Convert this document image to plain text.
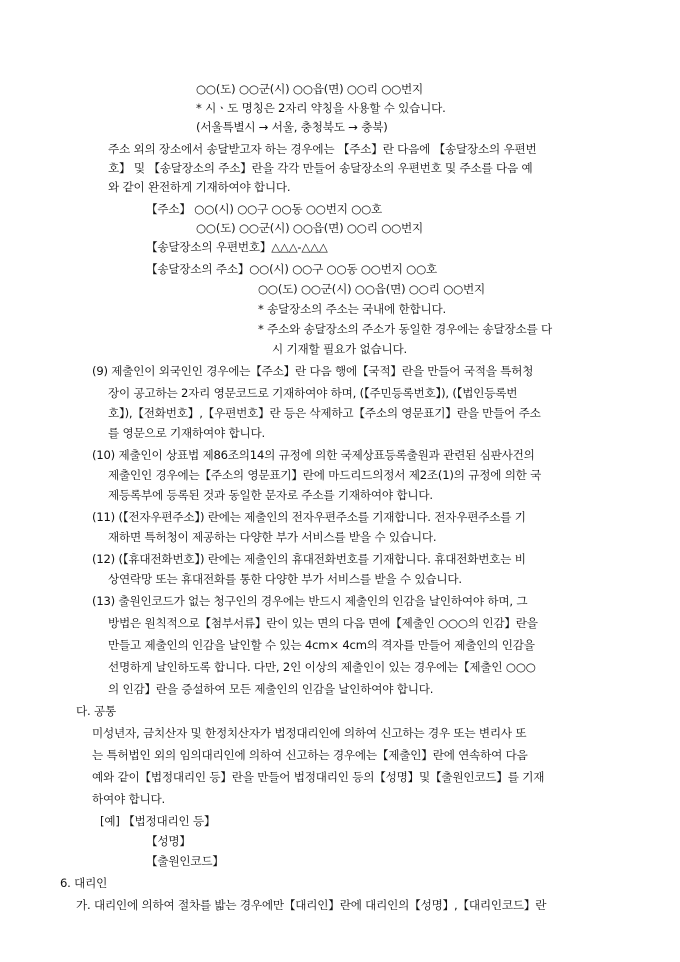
○○(도) ○○군(시) ○○읍(면) ○○리 ○○번지
* 시ㆍ도 명칭은 2자리 약칭을 사용할 수 있습니다.
(서울특별시 → 서울, 충청북도 → 충북)
주소 외의 장소에서 송달받고자 하는 경우에는 【주소】란 다음에 【송달장소의 우편번
호】 및 【송달장소의 주소】란을 각각 만들어 송달장소의 우편번호 및 주소를 다음 예
와 같이 완전하게 기재하여야 합니다.
【주소】 ○○(시) ○○구 ○○동 ○○번지 ○○호
○○(도) ○○군(시) ○○읍(면) ○○리 ○○번지
【송달장소의 우편번호】△△△-△△△
【송달장소의 주소】○○(시) ○○구 ○○동 ○○번지 ○○호
○○(도) ○○군(시) ○○읍(면) ○○리 ○○번지
* 송달장소의 주소는 국내에 한합니다.
* 주소와 송달장소의 주소가 동일한 경우에는 송달장소를 다
시 기재할 필요가 없습니다.
(9) 제출인이 외국인인 경우에는【주소】란 다음 행에【국적】란을 만들어 국적을 특허청
장이 공고하는 2자리 영문코드로 기재하여야 하며, (【주민등록번호】), (【법인등록번
호】),【전화번호】,【우편번호】란 등은 삭제하고【주소의 영문표기】란을 만들어 주소
를 영문으로 기재하여야 합니다.
(10) 제출인이 상표법 제86조의14의 규정에 의한 국제상표등록출원과 관련된 심판사건의
제출인인 경우에는【주소의 영문표기】란에 마드리드의정서 제2조(1)의 규정에 의한 국
제등록부에 등록된 것과 동일한 문자로 주소를 기재하여야 합니다.
(11) (【전자우편주소】) 란에는 제출인의 전자우편주소를 기재합니다. 전자우편주소를 기
재하면 특허청이 제공하는 다양한 부가 서비스를 받을 수 있습니다.
(12) (【휴대전화번호】) 란에는 제출인의 휴대전화번호를 기재합니다. 휴대전화번호는 비
상연락망 또는 휴대전화를 통한 다양한 부가 서비스를 받을 수 있습니다.
(13) 출원인코드가 없는 청구인의 경우에는 반드시 제출인의 인감을 날인하여야 하며, 그
방법은 원칙적으로【첨부서류】란이 있는 면의 다음 면에【제출인 ○○○의 인감】란을
만들고 제출인의 인감을 날인할 수 있는 4cm× 4cm의 격자를 만들어 제출인의 인감을
선명하게 날인하도록 합니다. 다만, 2인 이상의 제출인이 있는 경우에는【제출인 ○○○
의 인감】란을 증설하여 모든 제출인의 인감을 날인하여야 합니다.
다. 공통
미성년자, 금치산자 및 한정치산자가 법정대리인에 의하여 신고하는 경우 또는 변리사 또
는 특허법인 외의 임의대리인에 의하여 신고하는 경우에는【제출인】란에 연속하여 다음
예와 같이【법정대리인 등】란을 만들어 법정대리인 등의【성명】및【출원인코드】를 기재
하여야 합니다.
[예] 【법정대리인 등】
【성명】
【출원인코드】
6. 대리인
가. 대리인에 의하여 절차를 밟는 경우에만【대리인】란에 대리인의【성명】,【대리인코드】란
